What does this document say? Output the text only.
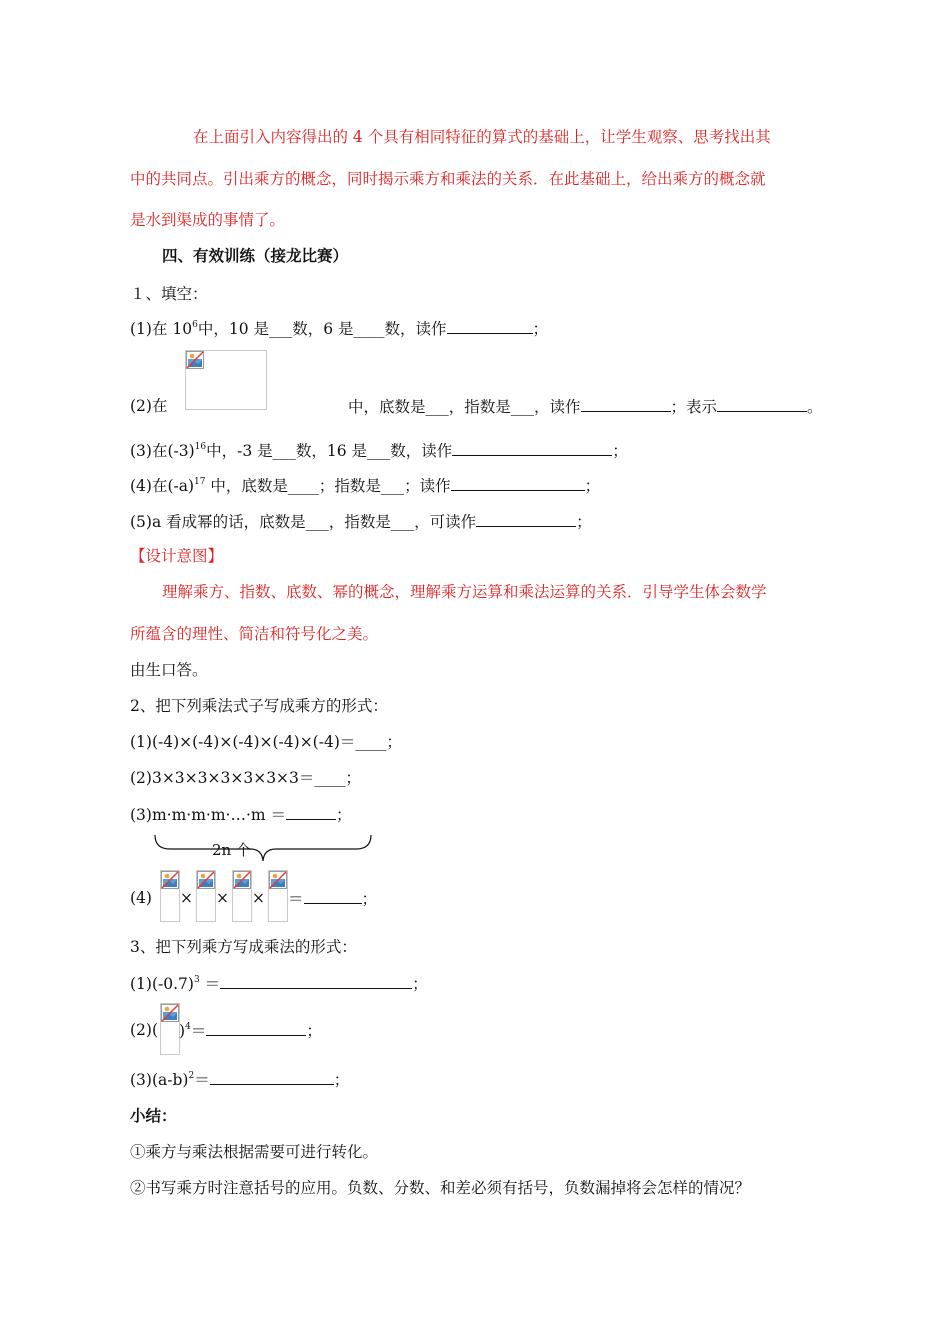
在上面引入内容得出的 4 个具有相同特征的算式的基础上，让学生观察、思考找出其
中的共同点。引出乘方的概念，同时揭示乘方和乘法的关系．在此基础上，给出乘方的概念就
是水到渠成的事情了。
四、有效训练（接龙比赛）
１、填空：
(1)在 $10^6$中，10 是___数，6 是____数，读作	；
(2)在	中，底数是___，指数是___，读作	；表示	。
(3)在$(-3)^{16}$中，-3 是___数，16 是___数，读作	；
(4)在$(-a)^{17}$ 中，底数是____；指数是___；读作	；
(5)a 看成幂的话，底数是___，指数是___，可读作	；
【设计意图】
理解乘方、指数、底数、幂的概念，理解乘方运算和乘法运算的关系．引导学生体会数学
所蕴含的理性、简洁和符号化之美。
由生口答。
2、把下列乘法式子写成乘方的形式：
(1)(-4)×(-4)×(-4)×(-4)×(-4)＝____；
(2)3×3×3×3×3×3×3＝____；
(3)m·m·m·m·…·m ＝	；
2n 个
(4) × × × ＝	；
3、把下列乘方写成乘法的形式：
$(1)(-0.7)^3$ ＝	；
(2)( )$^4$＝	；
$(3)(a-b)^2=$	；
小结：
①乘方与乘法根据需要可进行转化。
②书写乘方时注意括号的应用。负数、分数、和差必须有括号，负数漏掉将会怎样的情况？
